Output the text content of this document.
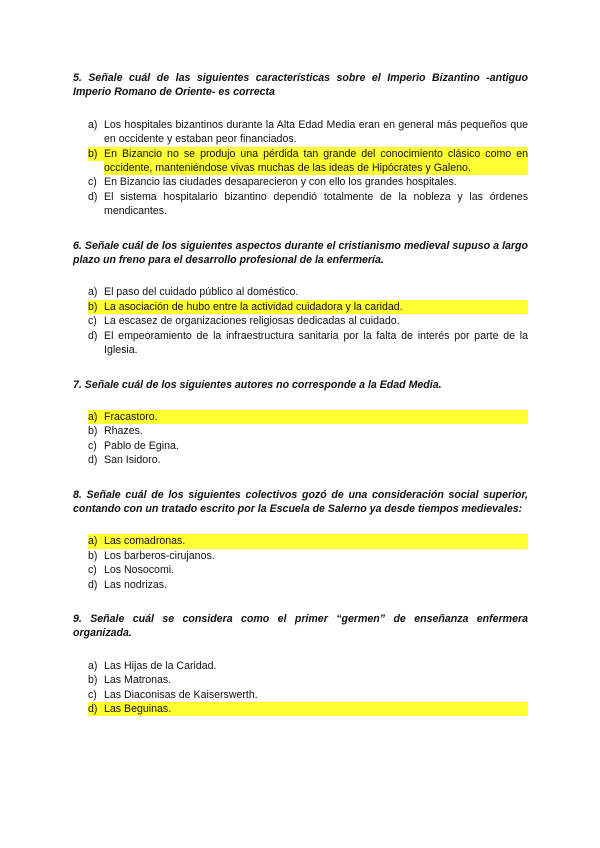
5. Señale cuál de las siguientes características sobre el Imperio Bizantino -antiguo Imperio Romano de Oriente- es correcta

a) Los hospitales bizantinos durante la Alta Edad Media eran en general más pequeños que en occidente y estaban peor financiados.
b) En Bizancio no se produjo una pérdida tan grande del conocimiento clásico como en occidente, manteniéndose vivas muchas de las ideas de Hipócrates y Galeno.
c) En Bizancio las ciudades desaparecieron y con ello los grandes hospitales.
d) El sistema hospitalario bizantino dependió totalmente de la nobleza y las órdenes mendicantes.

6. Señale cuál de los siguientes aspectos durante el cristianismo medieval supuso a largo plazo un freno para el desarrollo profesional de la enfermería.

a) El paso del cuidado público al doméstico.
b) La asociación de hubo entre la actividad cuidadora y la caridad.
c) La escasez de organizaciones religiosas dedicadas al cuidado.
d) El empeoramiento de la infraestructura sanitaria por la falta de interés por parte de la Iglesia.

7. Señale cuál de los siguientes autores no corresponde a la Edad Media.

a) Fracastoro.
b) Rhazes.
c) Pablo de Egina.
d) San Isidoro.

8. Señale cuál de los siguientes colectivos gozó de una consideración social superior, contando con un tratado escrito por la Escuela de Salerno ya desde tiempos medievales:

a) Las comadronas.
b) Los barberos-cirujanos.
c) Los Nosocomi.
d) Las nodrizas.

9. Señale cuál se considera como el primer “germen” de enseñanza enfermera organizada.

a) Las Hijas de la Caridad.
b) Las Matronas.
c) Las Diaconisas de Kaiserswerth.
d) Las Beguinas.
